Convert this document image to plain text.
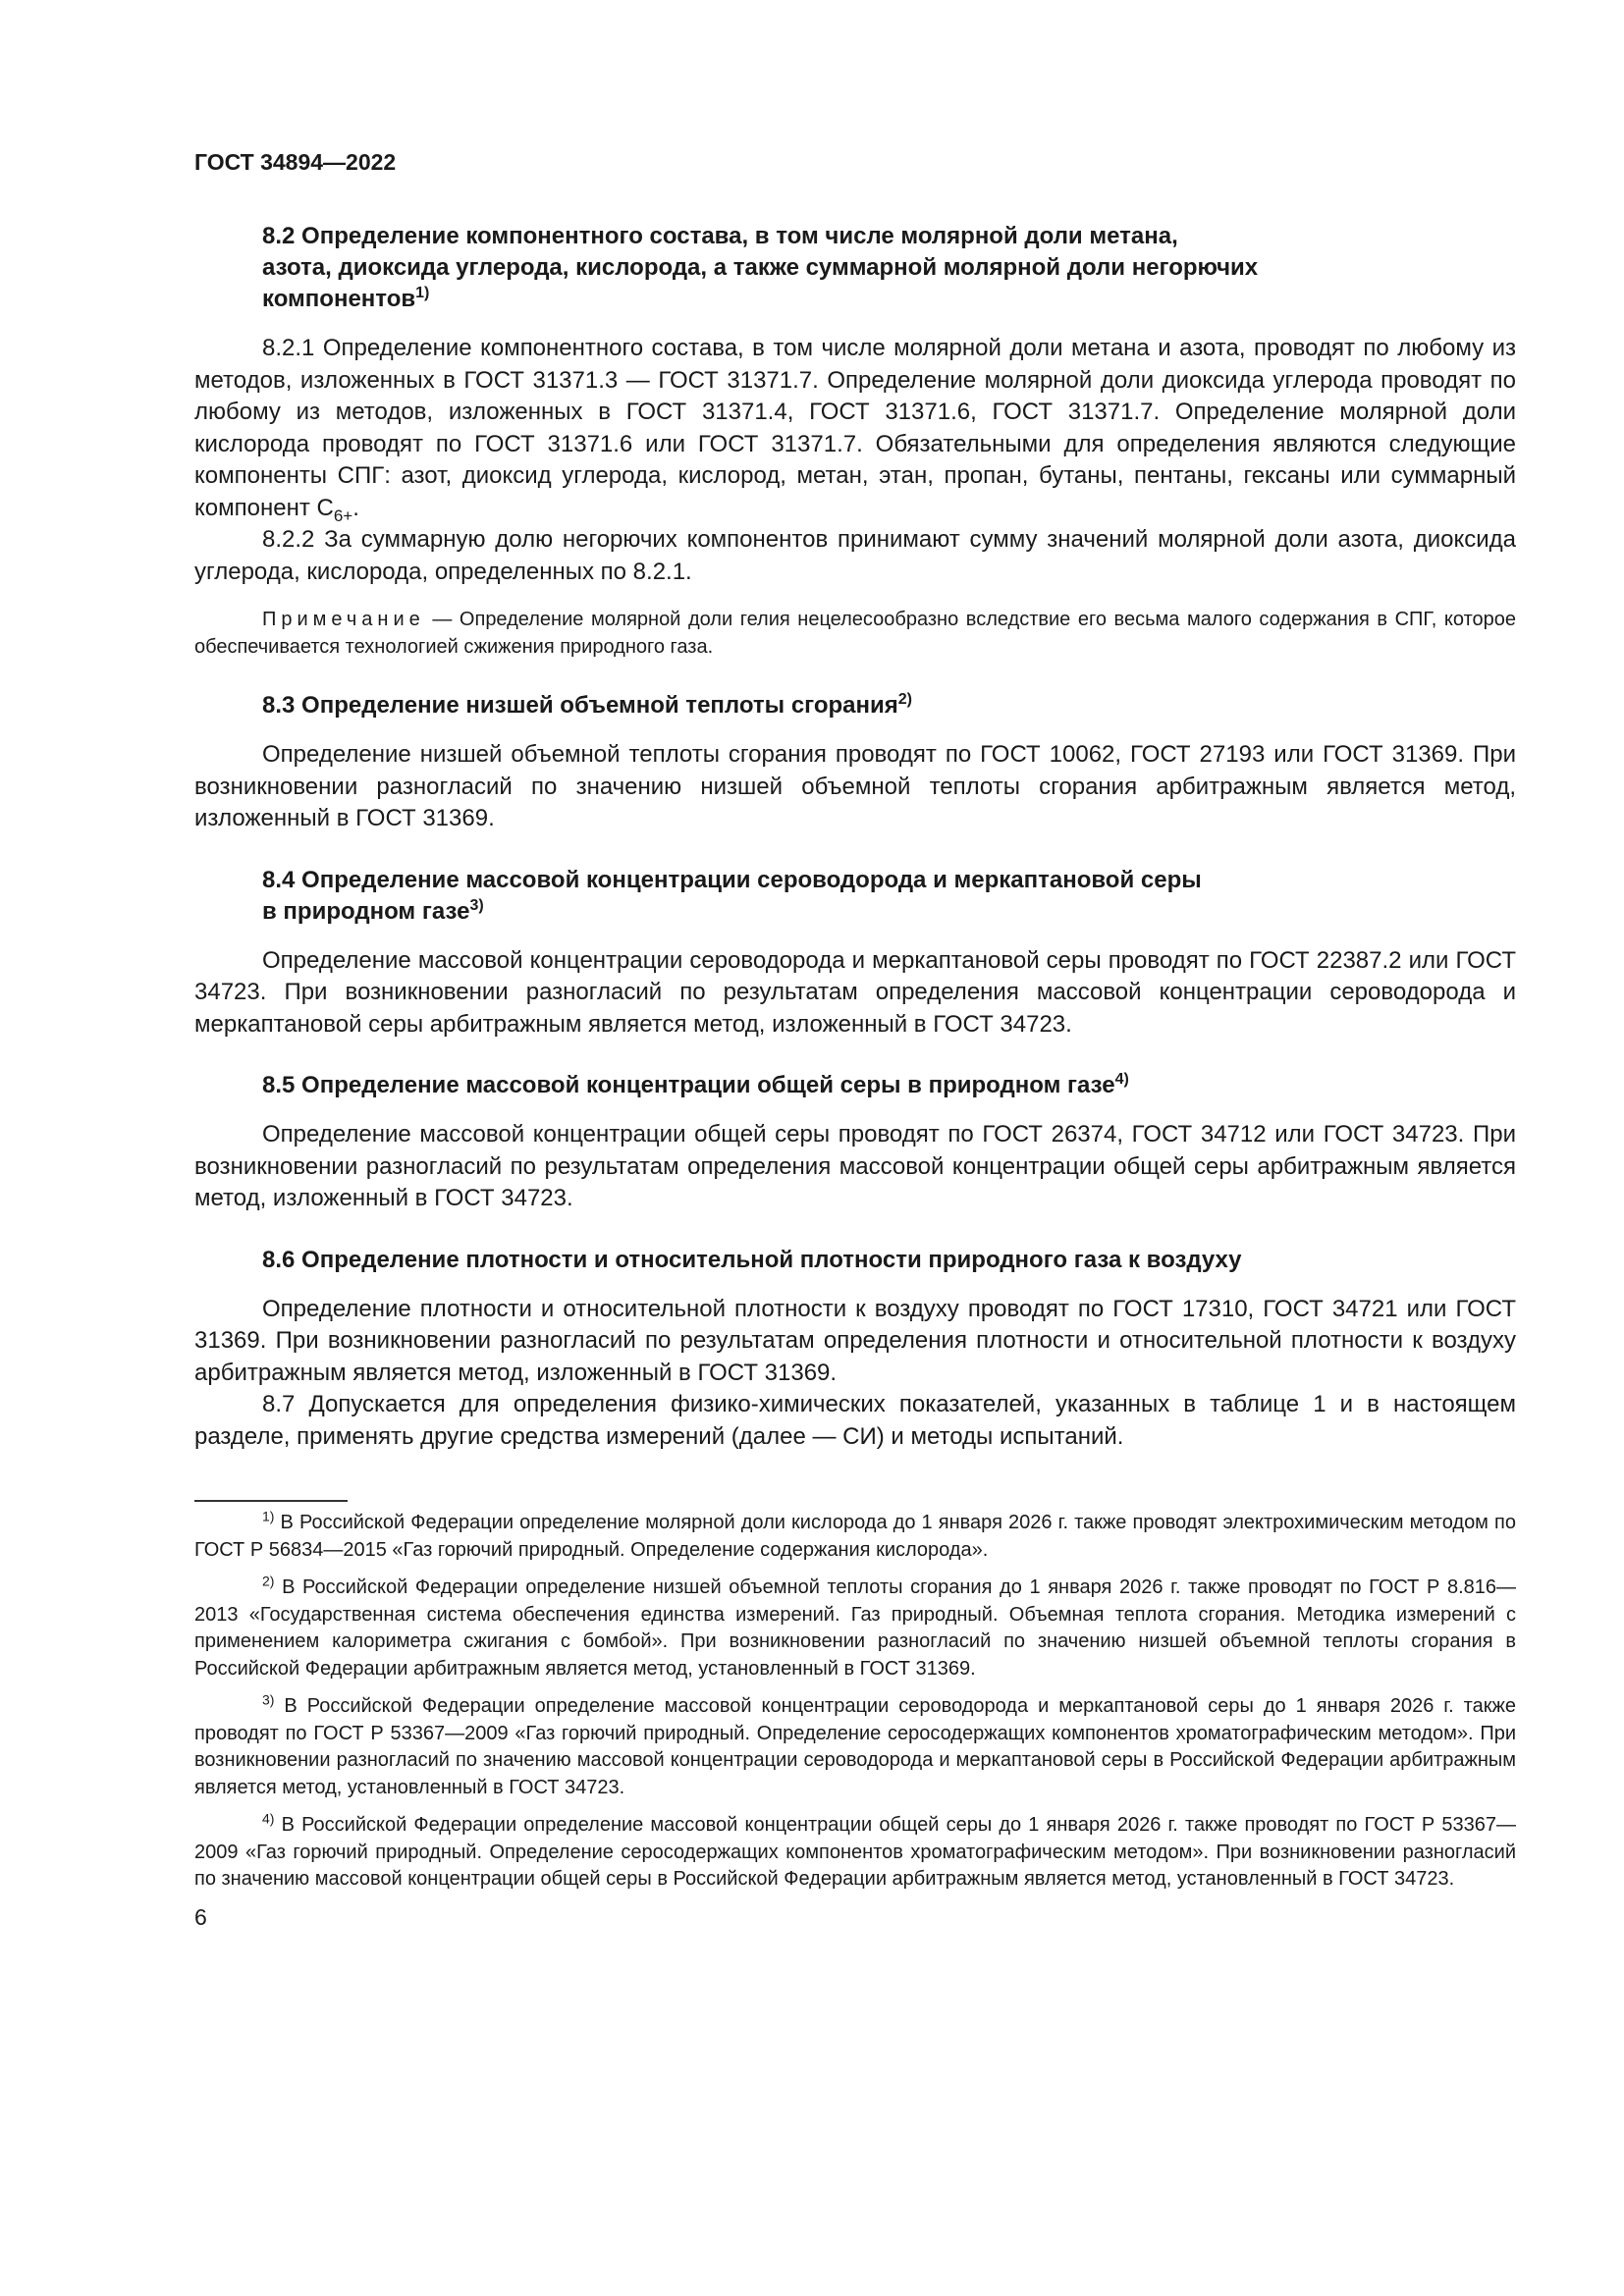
ГОСТ 34894—2022
8.2 Определение компонентного состава, в том числе молярной доли метана,
азота, диоксида углерода, кислорода, а также суммарной молярной доли негорючих
компонентов$^{1)}$

8.2.1 Определение компонентного состава, в том числе молярной доли метана и азота, проводят по любому из методов, изложенных в ГОСТ 31371.3 — ГОСТ 31371.7. Определение молярной доли диоксида углерода проводят по любому из методов, изложенных в ГОСТ 31371.4, ГОСТ 31371.6, ГОСТ 31371.7. Определение молярной доли кислорода проводят по ГОСТ 31371.6 или ГОСТ 31371.7. Обязательными для определения являются следующие компоненты СПГ: азот, диоксид углерода, кислород, метан, этан, пропан, бутаны, пентаны, гексаны или суммарный компонент $С_{6+}$.

8.2.2 За суммарную долю негорючих компонентов принимают сумму значений молярной доли азота, диоксида углерода, кислорода, определенных по 8.2.1.

Примечание — Определение молярной доли гелия нецелесообразно вследствие его весьма малого содержания в СПГ, которое обеспечивается технологией сжижения природного газа.

8.3 Определение низшей объемной теплоты сгорания$^{2)}$

Определение низшей объемной теплоты сгорания проводят по ГОСТ 10062, ГОСТ 27193 или ГОСТ 31369. При возникновении разногласий по значению низшей объемной теплоты сгорания арбитражным является метод, изложенный в ГОСТ 31369.

8.4 Определение массовой концентрации сероводорода и меркаптановой серы
в природном газе$^{3)}$

Определение массовой концентрации сероводорода и меркаптановой серы проводят по ГОСТ 22387.2 или ГОСТ 34723. При возникновении разногласий по результатам определения массовой концентрации сероводорода и меркаптановой серы арбитражным является метод, изложенный в ГОСТ 34723.

8.5 Определение массовой концентрации общей серы в природном газе$^{4)}$

Определение массовой концентрации общей серы проводят по ГОСТ 26374, ГОСТ 34712 или ГОСТ 34723. При возникновении разногласий по результатам определения массовой концентрации общей серы арбитражным является метод, изложенный в ГОСТ 34723.

8.6 Определение плотности и относительной плотности природного газа к воздуху

Определение плотности и относительной плотности к воздуху проводят по ГОСТ 17310, ГОСТ 34721 или ГОСТ 31369. При возникновении разногласий по результатам определения плотности и относительной плотности к воздуху арбитражным является метод, изложенный в ГОСТ 31369.

8.7 Допускается для определения физико-химических показателей, указанных в таблице 1 и в настоящем разделе, применять другие средства измерений (далее — СИ) и методы испытаний.

$^{1)}$ В Российской Федерации определение молярной доли кислорода до 1 января 2026 г. также проводят электрохимическим методом по ГОСТ Р 56834—2015 «Газ горючий природный. Определение содержания кислорода».

$^{2)}$ В Российской Федерации определение низшей объемной теплоты сгорания до 1 января 2026 г. также проводят по ГОСТ Р 8.816—2013 «Государственная система обеспечения единства измерений. Газ природный. Объемная теплота сгорания. Методика измерений с применением калориметра сжигания с бомбой». При возникновении разногласий по значению низшей объемной теплоты сгорания в Российской Федерации арбитражным является метод, установленный в ГОСТ 31369.

$^{3)}$ В Российской Федерации определение массовой концентрации сероводорода и меркаптановой серы до 1 января 2026 г. также проводят по ГОСТ Р 53367—2009 «Газ горючий природный. Определение серосодержащих компонентов хроматографическим методом». При возникновении разногласий по значению массовой концентрации сероводорода и меркаптановой серы в Российской Федерации арбитражным является метод, установленный в ГОСТ 34723.

$^{4)}$ В Российской Федерации определение массовой концентрации общей серы до 1 января 2026 г. также проводят по ГОСТ Р 53367—2009 «Газ горючий природный. Определение серосодержащих компонентов хроматографическим методом». При возникновении разногласий по значению массовой концентрации общей серы в Российской Федерации арбитражным является метод, установленный в ГОСТ 34723.

6
